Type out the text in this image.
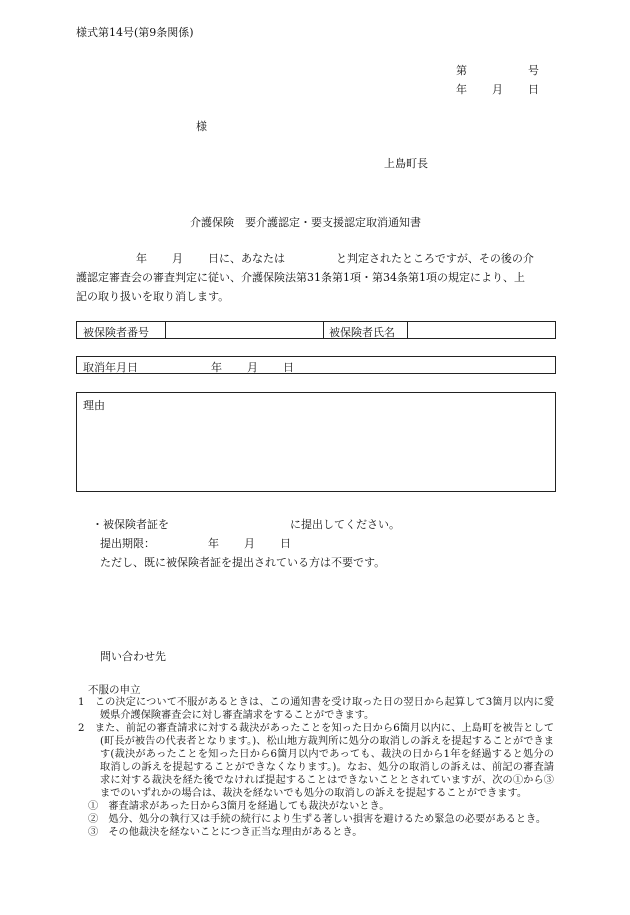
様式第14号(第9条関係)
第	号
年 月 日
様
上島町長
介護保険　要介護認定・要支援認定取消通知書
年 月 日に、あなたは	と判定されたところですが、その後の介
護認定審査会の審査判定に従い、介護保険法第31条第1項・第34条第1項の規定により、上
記の取り扱いを取り消します。
被保険者番号	被保険者氏名
取消年月日	年 月 日
理由
・被保険者証を	に提出してください。
提出期限：	年 月 日
ただし、既に被保険者証を提出されている方は不要です。
問い合わせ先
不服の申立
1　 この決定について不服があるときは、この通知書を受け取った日の翌日から起算して3箇月以内に愛媛県介護保険審査会に対し審査請求をすることができます。
2　 また、前記の審査請求に対する裁決があったことを知った日から6箇月以内に、上島町を被告として(町長が被告の代表者となります。)、松山地方裁判所に処分の取消しの訴えを提起することができます(裁決があったことを知った日から6箇月以内であっても、裁決の日から1年を経過すると処分の取消しの訴えを提起することができなくなります。)。なお、処分の取消しの訴えは、前記の審査請求に対する裁決を経た後でなければ提起することはできないこととされていますが、次の①から③までのいずれかの場合は、裁決を経ないでも処分の取消しの訴えを提起することができます。
①　 審査請求があった日から3箇月を経過しても裁決がないとき。
②　 処分、処分の執行又は手続の続行により生ずる著しい損害を避けるため緊急の必要があるとき。
③　 その他裁決を経ないことにつき正当な理由があるとき。
